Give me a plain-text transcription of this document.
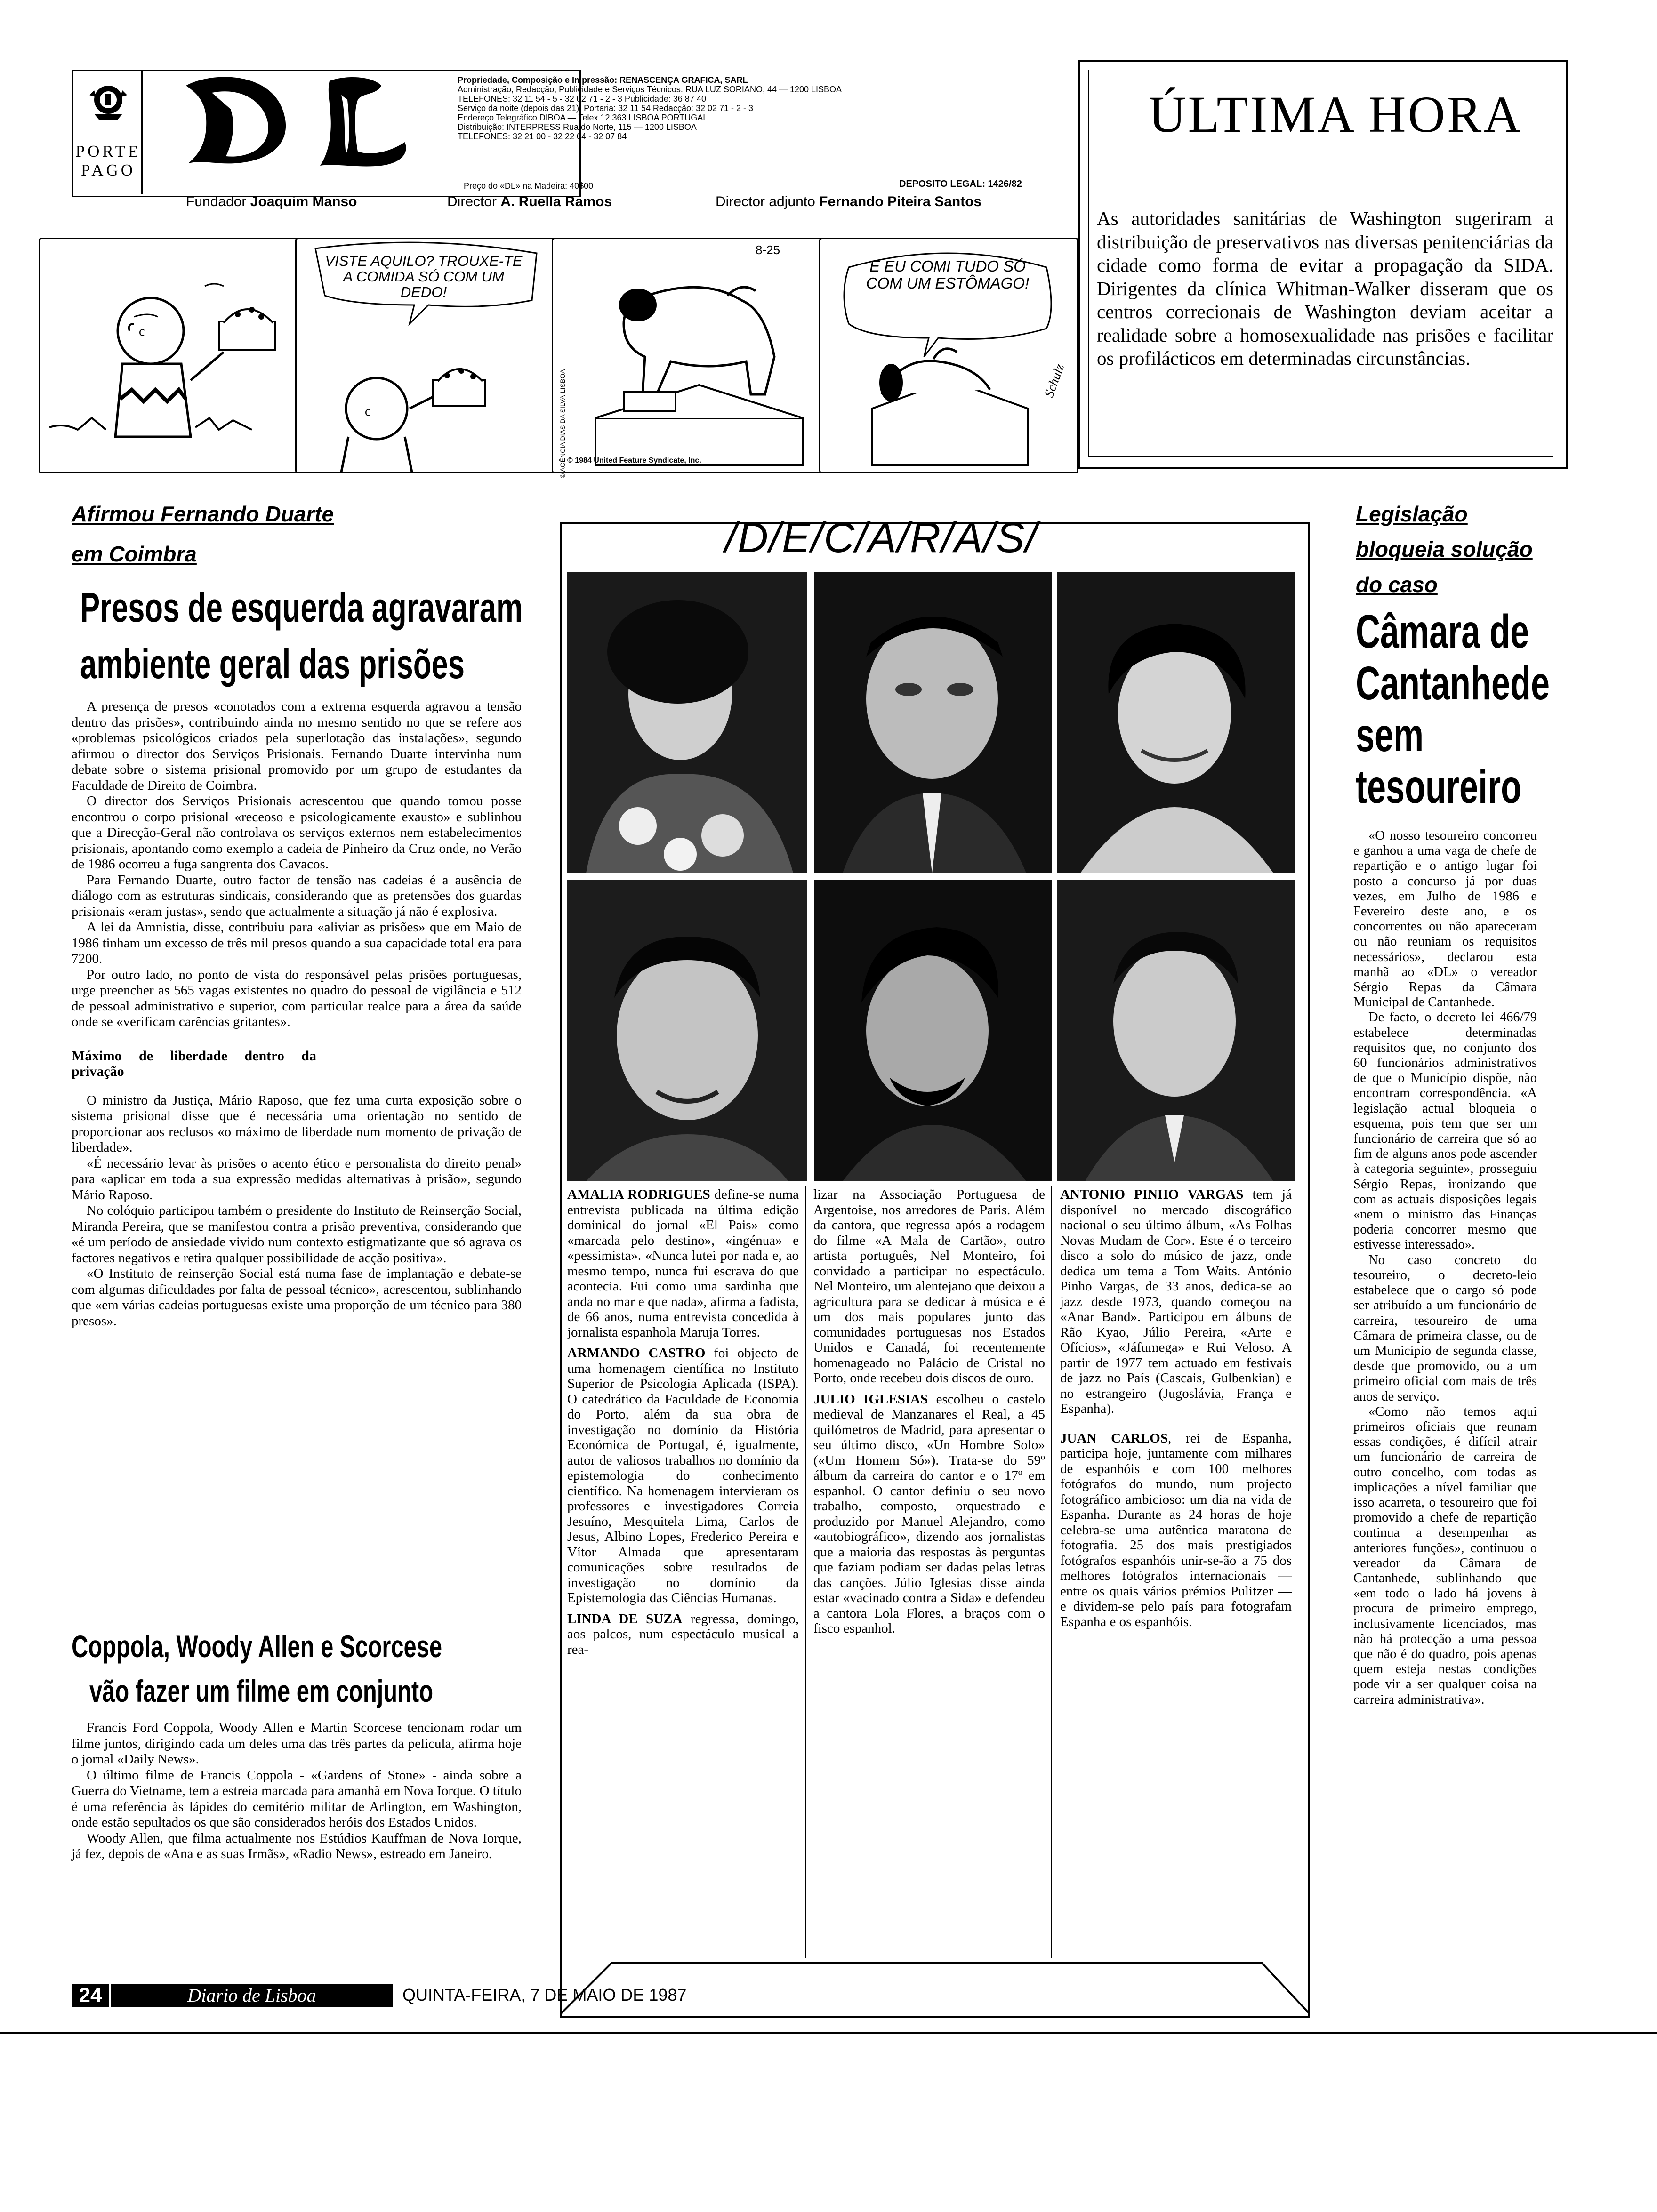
PORTE
PAGO
Propriedade, Composição e Impressão: RENASCENÇA GRAFICA, SARL
Administração, Redacção, Publicidade e Serviços Técnicos: RUA LUZ SORIANO, 44 — 1200 LISBOA
TELEFONES: 32 11 54 - 5 - 32 02 71 - 2 - 3 Publicidade: 36 87 40
Serviço da noite (depois das 21): Portaria: 32 11 54 Redacção: 32 02 71 - 2 - 3
Endereço Telegráfico DIBOA — Telex 12 363 LISBOA PORTUGAL
Distribuição: INTERPRESS Rua do Norte, 115 — 1200 LISBOA
TELEFONES: 32 21 00 - 32 22 04 - 32 07 84
Preço do «DL» na Madeira: 40$00	DEPOSITO LEGAL: 1426/82
Fundador Joaquim Manso	Director A. Ruella Ramos	Director adjunto Fernando Piteira Santos
c
c
VISTE AQUILO? TROUXE-TE A COMIDA SÓ COM UM DEDO!
8-25
© AGÊNCIA DIAS DA SILVA-LISBOA © 1984 United Feature Syndicate, Inc.
E EU COMI TUDO SÓ COM UM ESTÔMAGO!
Schulz
ÚLTIMA HORA
As autoridades sanitárias de Washington sugeriram a distribuição de preservativos nas diversas penitenciárias da cidade como forma de evitar a propagação da SIDA. Dirigentes da clínica Whitman-Walker disseram que os centros correcionais de Washington deviam aceitar a realidade sobre a homosexualidade nas prisões e facilitar os profilácticos em determinadas circunstâncias.
Afirmou Fernando Duarte
em Coimbra
Presos de esquerda agravaram
ambiente geral das prisões

A presença de presos «conotados com a extrema esquerda agravou a tensão dentro das prisões», contribuindo ainda no mesmo sentido no que se refere aos «problemas psicológicos criados pela superlotação das instalações», segundo afirmou o director dos Serviços Prisionais. Fernando Duarte intervinha num debate sobre o sistema prisional promovido por um grupo de estudantes da Faculdade de Direito de Coimbra.

O director dos Serviços Prisionais acrescentou que quando tomou posse encontrou o corpo prisional «receoso e psicologicamente exausto» e sublinhou que a Direcção-Geral não controlava os serviços externos nem estabelecimentos prisionais, apontando como exemplo a cadeia de Pinheiro da Cruz onde, no Verão de 1986 ocorreu a fuga sangrenta dos Cavacos.

Para Fernando Duarte, outro factor de tensão nas cadeias é a ausência de diálogo com as estruturas sindicais, considerando que as pretensões dos guardas prisionais «eram justas», sendo que actualmente a situação já não é explosiva.

A lei da Amnistia, disse, contribuiu para «aliviar as prisões» que em Maio de 1986 tinham um excesso de três mil presos quando a sua capacidade total era para 7200.

Por outro lado, no ponto de vista do responsável pelas prisões portuguesas, urge preencher as 565 vagas existentes no quadro do pessoal de vigilância e 512 de pessoal administrativo e superior, com particular realce para a área da saúde onde se «verificam carências gritantes».

Máximo de liberdade dentro da privação

O ministro da Justiça, Mário Raposo, que fez uma curta exposição sobre o sistema prisional disse que é necessária uma orientação no sentido de proporcionar aos reclusos «o máximo de liberdade num momento de privação de liberdade».

«É necessário levar às prisões o acento ético e personalista do direito penal» para «aplicar em toda a sua expressão medidas alternativas à prisão», segundo Mário Raposo.

No colóquio participou também o presidente do Instituto de Reinserção Social, Miranda Pereira, que se manifestou contra a prisão preventiva, considerando que «é um período de ansiedade vivido num contexto estigmatizante que só agrava os factores negativos e retira qualquer possibilidade de acção positiva».

«O Instituto de reinserção Social está numa fase de implantação e debate-se com algumas dificuldades por falta de pessoal técnico», acrescentou, sublinhando que «em várias cadeias portuguesas existe uma proporção de um técnico para 380 presos».

Coppola, Woody Allen e Scorcese
vão fazer um filme em conjunto

Francis Ford Coppola, Woody Allen e Martin Scorcese tencionam rodar um filme juntos, dirigindo cada um deles uma das três partes da película, afirma hoje o jornal «Daily News».

O último filme de Francis Coppola - «Gardens of Stone» - ainda sobre a Guerra do Vietname, tem a estreia marcada para amanhã em Nova Iorque. O título é uma referência às lápides do cemitério militar de Arlington, em Washington, onde estão sepultados os que são considerados heróis dos Estados Unidos.

Woody Allen, que filma actualmente nos Estúdios Kauffman de Nova Iorque, já fez, depois de «Ana e as suas Irmãs», «Radio News», estreado em Janeiro.

/D/E/C/A/R/A/S/

AMALIA RODRIGUES define-se numa entrevista publicada na última edição dominical do jornal «El Pais» como «marcada pelo destino», «ingénua» e «pessimista». «Nunca lutei por nada e, ao mesmo tempo, nunca fui escrava do que acontecia. Fui como uma sardinha que anda no mar e que nada», afirma a fadista, de 66 anos, numa entrevista concedida à jornalista espanhola Maruja Torres.

ARMANDO CASTRO foi objecto de uma homenagem científica no Instituto Superior de Psicologia Aplicada (ISPA). O catedrático da Faculdade de Economia do Porto, além da sua obra de investigação no domínio da História Económica de Portugal, é, igualmente, autor de valiosos trabalhos no domínio da epistemologia do conhecimento científico. Na homenagem intervieram os professores e investigadores Correia Jesuíno, Mesquitela Lima, Carlos de Jesus, Albino Lopes, Frederico Pereira e Vítor Almada que apresentaram comunicações sobre resultados de investigação no domínio da Epistemologia das Ciências Humanas.

LINDA DE SUZA regressa, domingo, aos palcos, num espectáculo musical a rea-

lizar na Associação Portuguesa de Argentoise, nos arredores de Paris. Além da cantora, que regressa após a rodagem do filme «A Mala de Cartão», outro artista português, Nel Monteiro, foi convidado a participar no espectáculo. Nel Monteiro, um alentejano que deixou a agricultura para se dedicar à música e é um dos mais populares junto das comunidades portuguesas nos Estados Unidos e Canadá, foi recentemente homenageado no Palácio de Cristal no Porto, onde recebeu dois discos de ouro.

JULIO IGLESIAS escolheu o castelo medieval de Manzanares el Real, a 45 quilómetros de Madrid, para apresentar o seu último disco, «Un Hombre Solo» («Um Homem Só»). Trata-se do 59º álbum da carreira do cantor e o 17º em espanhol. O cantor definiu o seu novo trabalho, composto, orquestrado e produzido por Manuel Alejandro, como «autobiográfico», dizendo aos jornalistas que a maioria das respostas às perguntas que faziam podiam ser dadas pelas letras das canções. Júlio Iglesias disse ainda estar «vacinado contra a Sida» e defendeu a cantora Lola Flores, a braços com o fisco espanhol.

ANTONIO PINHO VARGAS tem já disponível no mercado discográfico nacional o seu último álbum, «As Folhas Novas Mudam de Cor». Este é o terceiro disco a solo do músico de jazz, onde dedica um tema a Tom Waits. António Pinho Vargas, de 33 anos, dedica-se ao jazz desde 1973, quando começou na «Anar Band». Participou em álbuns de Rão Kyao, Júlio Pereira, «Arte e Ofícios», «Jáfumega» e Rui Veloso. A partir de 1977 tem actuado em festivais de jazz no País (Cascais, Gulbenkian) e no estrangeiro (Jugoslávia, França e Espanha).

JUAN CARLOS, rei de Espanha, participa hoje, juntamente com milhares de espanhóis e com 100 melhores fotógrafos do mundo, num projecto fotográfico ambicioso: um dia na vida de Espanha. Durante as 24 horas de hoje celebra-se uma autêntica maratona de fotografia. 25 dos mais prestigiados fotógrafos espanhóis unir-se-ão a 75 dos melhores fotógrafos internacionais — entre os quais vários prémios Pulitzer — e dividem-se pelo país para fotografam Espanha e os espanhóis.

Legislação
bloqueia solução
do caso
Câmara de
Cantanhede
sem
tesoureiro

«O nosso tesoureiro concorreu e ganhou a uma vaga de chefe de repartição e o antigo lugar foi posto a concurso já por duas vezes, em Julho de 1986 e Fevereiro deste ano, e os concorrentes ou não apareceram ou não reuniam os requisitos necessários», declarou esta manhã ao «DL» o vereador Sérgio Repas da Câmara Municipal de Cantanhede.

De facto, o decreto lei 466/79 estabelece determinadas requisitos que, no conjunto dos 60 funcionários administrativos de que o Município dispõe, não encontram correspondência. «A legislação actual bloqueia o esquema, pois tem que ser um funcionário de carreira que só ao fim de alguns anos pode ascender à categoria seguinte», prosseguiu Sérgio Repas, ironizando que com as actuais disposições legais «nem o ministro das Finanças poderia concorrer mesmo que estivesse interessado».

No caso concreto do tesoureiro, o decreto-leio estabelece que o cargo só pode ser atribuído a um funcionário de carreira, tesoureiro de uma Câmara de primeira classe, ou de um Município de segunda classe, desde que promovido, ou a um primeiro oficial com mais de três anos de serviço.

«Como não temos aqui primeiros oficiais que reunam essas condições, é difícil atrair um funcionário de carreira de outro concelho, com todas as implicações a nível familiar que isso acarreta, o tesoureiro que foi promovido a chefe de repartição continua a desempenhar as anteriores funções», continuou o vereador da Câmara de Cantanhede, sublinhando que «em todo o lado há jovens à procura de primeiro emprego, inclusivamente licenciados, mas não há protecção a uma pessoa que não é do quadro, pois apenas quem esteja nestas condições pode vir a ser qualquer coisa na carreira administrativa».

24	Diario de Lisboa	QUINTA-FEIRA, 7 DE MAIO DE 1987
